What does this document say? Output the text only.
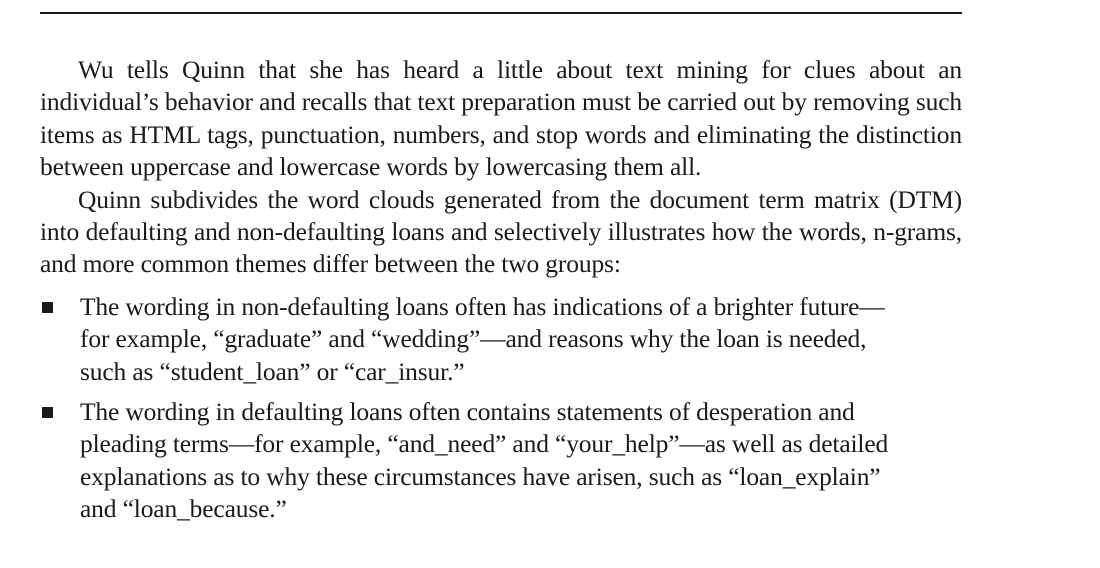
Wu tells Quinn that she has heard a little about text mining for clues about an individual’s behavior and recalls that text preparation must be carried out by removing such items as HTML tags, punctuation, numbers, and stop words and eliminating the distinction between uppercase and lowercase words by lowercasing them all.

Quinn subdivides the word clouds generated from the document term matrix (DTM) into defaulting and non-defaulting loans and selectively illustrates how the words, n-grams, and more common themes differ between the two groups:

The wording in non-defaulting loans often has indications of a brighter future—
for example, “graduate” and “wedding”—and reasons why the loan is needed,
such as “student_loan” or “car_insur.”
The wording in defaulting loans often contains statements of desperation and
pleading terms—for example, “and_need” and “your_help”—as well as detailed
explanations as to why these circumstances have arisen, such as “loan_explain”
and “loan_because.”
